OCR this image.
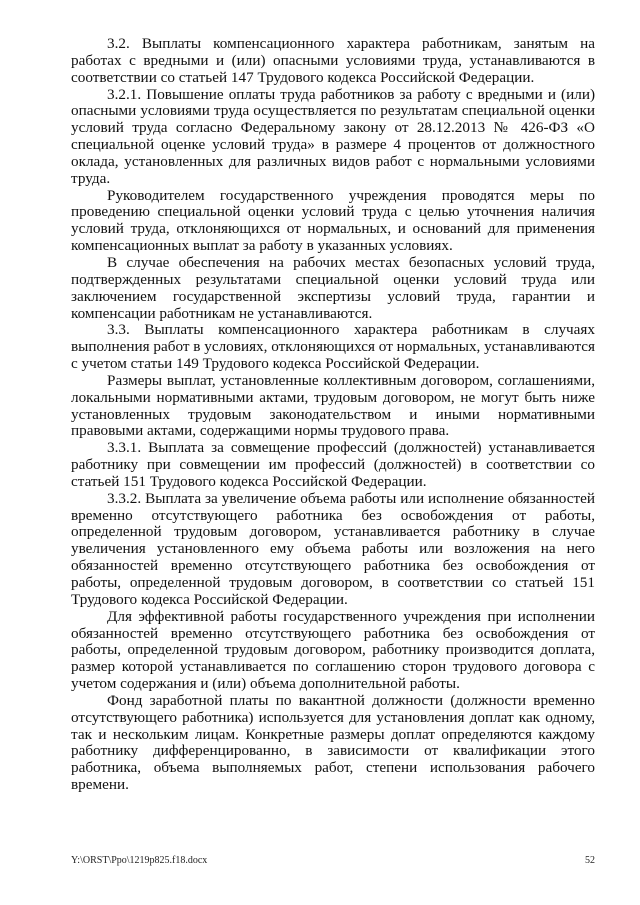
3.2. Выплаты компенсационного характера работникам, занятым на работах с вредными и (или) опасными условиями труда, устанавливаются в соответствии со статьей 147 Трудового кодекса Российской Федерации.

3.2.1. Повышение оплаты труда работников за работу с вредными и (или) опасными условиями труда осуществляется по результатам специальной оценки условий труда согласно Федеральному закону от 28.12.2013 № 426-ФЗ «О специальной оценке условий труда» в размере 4 процентов от должностного оклада, установленных для различных видов работ с нормальными условиями труда.

Руководителем государственного учреждения проводятся меры по проведению специальной оценки условий труда с целью уточнения наличия условий труда, отклоняющихся от нормальных, и оснований для применения компенсационных выплат за работу в указанных условиях.

В случае обеспечения на рабочих местах безопасных условий труда, подтвержденных результатами специальной оценки условий труда или заключением государственной экспертизы условий труда, гарантии и компенсации работникам не устанавливаются.

3.3. Выплаты компенсационного характера работникам в случаях выполнения работ в условиях, отклоняющихся от нормальных, устанавливаются с учетом статьи 149 Трудового кодекса Российской Федерации.

Размеры выплат, установленные коллективным договором, соглашениями, локальными нормативными актами, трудовым договором, не могут быть ниже установленных трудовым законодательством и иными нормативными правовыми актами, содержащими нормы трудового права.

3.3.1. Выплата за совмещение профессий (должностей) устанавливается работнику при совмещении им профессий (должностей) в соответствии со статьей 151 Трудового кодекса Российской Федерации.

3.3.2. Выплата за увеличение объема работы или исполнение обязанностей временно отсутствующего работника без освобождения от работы, определенной трудовым договором, устанавливается работнику в случае увеличения установленного ему объема работы или возложения на него обязанностей временно отсутствующего работника без освобождения от работы, определенной трудовым договором, в соответствии со статьей 151 Трудового кодекса Российской Федерации.

Для эффективной работы государственного учреждения при исполнении обязанностей временно отсутствующего работника без освобождения от работы, определенной трудовым договором, работнику производится доплата, размер которой устанавливается по соглашению сторон трудового договора с учетом содержания и (или) объема дополнительной работы.

Фонд заработной платы по вакантной должности (должности временно отсутствующего работника) используется для установления доплат как одному, так и нескольким лицам. Конкретные размеры доплат определяются каждому работнику дифференцированно, в зависимости от квалификации этого работника, объема выполняемых работ, степени использования рабочего времени.

Y:\ORST\Ppo\1219p825.f18.docx	52
